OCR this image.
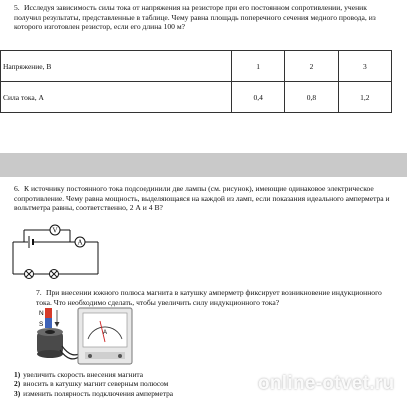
5. Исследуя зависимость силы тока от напряжения на резисторе при его постоянном сопротивлении, ученик получил результаты, представленные в таблице. Чему равна площадь поперечного сечения медного провода, из которого изготовлен резистор, если его длина 100 м?
Напряжение, В	1	2	3
Сила тока, А	0,4	0,8	1,2
6. К источнику постоянного тока подсоединили две лампы (см. рисунок), имеющие одинаковое электрическое сопротивление. Чему равна мощность, выделяющаяся на каждой из ламп, если показания идеального амперметра и вольтметра равны, соответственно, 2 А и 4 В?
V
A
7. При внесении южного полюса магнита в катушку амперметр фиксирует возникновение индукционного тока. Что необходимо сделать, чтобы увеличить силу индукционного тока?
N
S
A
1) увеличить скорость внесения магнита
2) вносить в катушку магнит северным полюсом
3) изменить полярность подключения амперметра	online-otvet.ru
